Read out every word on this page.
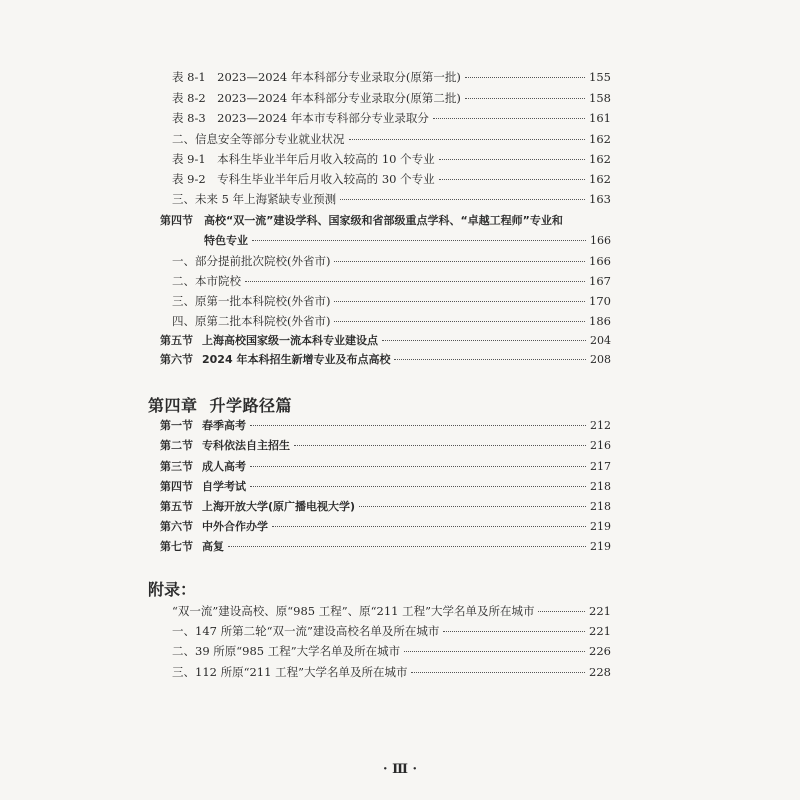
表 8-1　2023—2024 年本科部分专业录取分(原第一批)	155
表 8-2　2023—2024 年本科部分专业录取分(原第二批)	158
表 8-3　2023—2024 年本市专科部分专业录取分	161
二、信息安全等部分专业就业状况	162
表 9-1　本科生毕业半年后月收入较高的 10 个专业	162
表 9-2　专科生毕业半年后月收入较高的 30 个专业	162
三、未来 5 年上海紧缺专业预测	163
第四节 高校“双一流”建设学科、国家级和省部级重点学科、“卓越工程师”专业和
特色专业	166
一、部分提前批次院校(外省市)	166
二、本市院校	167
三、原第一批本科院校(外省市)	170
四、原第二批本科院校(外省市)	186
第五节 上海高校国家级一流本科专业建设点	204
第六节 2024 年本科招生新增专业及布点高校	208
第四章 升学路径篇
第一节 春季高考	212
第二节 专科依法自主招生	216
第三节 成人高考	217
第四节 自学考试	218
第五节 上海开放大学(原广播电视大学)	218
第六节 中外合作办学	219
第七节 高复	219
附录：
“双一流”建设高校、原“985 工程”、原“211 工程”大学名单及所在城市	221
一、147 所第二轮“双一流”建设高校名单及所在城市	221
二、39 所原“985 工程”大学名单及所在城市	226
三、112 所原“211 工程”大学名单及所在城市	228
· Ⅲ ·
